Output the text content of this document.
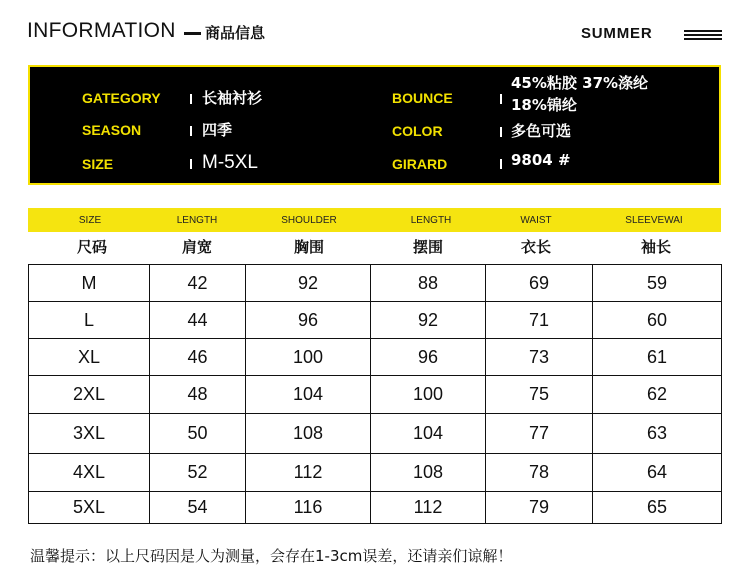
INFORMATION 商品信息	SUMMER
GATEGORY	长袖衬衫
SEASON	四季
SIZE	M-5XL
BOUNCE
45%粘胶 37%涤纶
18%锦纶
COLOR	多色可选
GIRARD	9804 #
SIZE	LENGTH	SHOULDER	LENGTH	WAIST	SLEEVEWAI
尺码	肩宽	胸围	摆围	衣长	袖长
M	42	92	88	69	59
L	44	96	92	71	60
XL	46	100	96	73	61
2XL	48	104	100	75	62
3XL	50	108	104	77	63
4XL	52	112	108	78	64
5XL	54	116	112	79	65
温馨提示：以上尺码因是人为测量，会存在1-3cm误差，还请亲们谅解！
